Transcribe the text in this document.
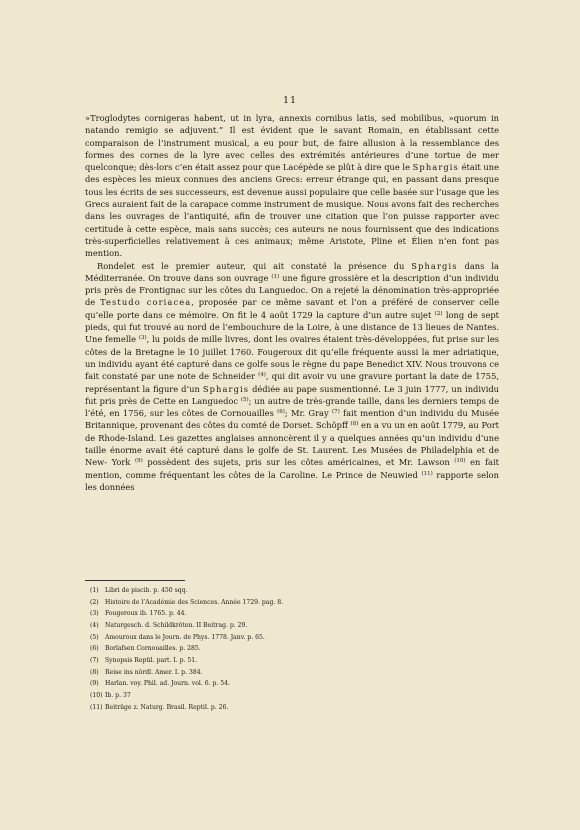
11

»Troglodytes cornigeras habent, ut in lyra, annexis cornibus latis, sed mobilibus, »quorum in natando remigio se adjuvent.” Il est évident que le savant Romain, en établissant cette comparaison de l’instrument musical, a eu pour but, de faire allusion à la ressemblance des formes des cornes de la lyre avec celles des extrémités antérieures d’une tortue de mer quelconque; dès-lors c’en était assez pour que Lacépède se plût à dire que le Sphargis était une des espèces les mieux connues des anciens Grecs: erreur étrange qui, en passant dans presque tous les écrits de ses successeurs, est devenue aussi populaire que celle basée sur l’usage que les Grecs auraient fait de la carapace comme instrument de musique. Nous avons fait des recherches dans les ouvrages de l’antiquité, afin de trouver une citation que l’on puisse rapporter avec certitude à cette espèce, mais sans succès; ces auteurs ne nous fournissent que des indications très-superficielles relativement à ces animaux; même Aristote, Pline et Élien n’en font pas mention.

Rondelet est le premier auteur, qui ait constaté la présence du Sphargis dans la Méditerranée. On trouve dans son ouvrage $^{(1)}$ une figure grossière et la description d’un individu pris près de Frontignac sur les côtes du Languedoc. On a rejeté la dénomination très-appropriée de Testudo coriacea, proposée par ce même savant et l’on a préféré de conserver celle qu’elle porte dans ce mémoire. On fit le 4 août 1729 la capture d’un autre sujet $^{(2)}$ long de sept pieds, qui fut trouvé au nord de l’embouchure de la Loire, à une distance de 13 lieues de Nantes. Une femelle $^{(3)}$, lu poids de mille livres, dont les ovaires étaient très-développées, fut prise sur les côtes de la Bretagne le 10 juillet 1760. Fougeroux dit qu’elle fréquente aussi la mer adriatique, un individu ayant été capturé dans ce golfe sous le règne du pape Benedict XIV. Nous trouvons ce fait constaté par une note de Schneider $^{(4)}$, qui dit avoir vu une gravure portant la date de 1755, représentant la figure d’un Sphargis dédiée au pape susmentionné. Le 3 juin 1777, un individu fut pris près de Cette en Languedoc $^{(5)}$; un autre de très-grande taille, dans les derniers temps de l’été, en 1756, sur les côtes de Cornouailles $^{(6)}$; Mr. Gray $^{(7)}$ fait mention d’un individu du Musée Britannique, provenant des côtes du comté de Dorset. Schöpff $^{(8)}$ en a vu un en août 1779, au Port de Rhode-Island. Les gazettes anglaises annoncèrent il y a quelques années qu’un individu d’une taille énorme avait été capturé dans le golfe de St. Laurent. Les Musées de Philadelphia et de New- York $^{(9)}$ possèdent des sujets, pris sur les côtes américaines, et Mr. Lawson $^{(10)}$ en fait mention, comme fréquentant les côtes de la Caroline. Le Prince de Neuwied $^{(11)}$ rapporte selon les données

(1) Libri de piscib. p. 450 sqq.
(2) Histoire de l’Académie des Sciences. Année 1729. pag. 8.
(3) Fougeroux ib. 1765. p. 44.
(4) Naturgesch. d. Schildkröten. II Beitrag. p. 29.
(5) Amouroux dans le Journ. de Phys. 1778. Janv. p. 65.
(6) Borlafsen Cornouailles. p. 285.
(7) Synopsis Reptil. part. I. p. 51.
(8) Reise ins nördl. Amer. I. p. 384.
(9) Harlan. voy. Phil. ad. Journ. vol. 6. p. 54.
(10) Ib. p. 37
(11) Beiträge z. Naturg. Brasil. Reptil. p. 26.
